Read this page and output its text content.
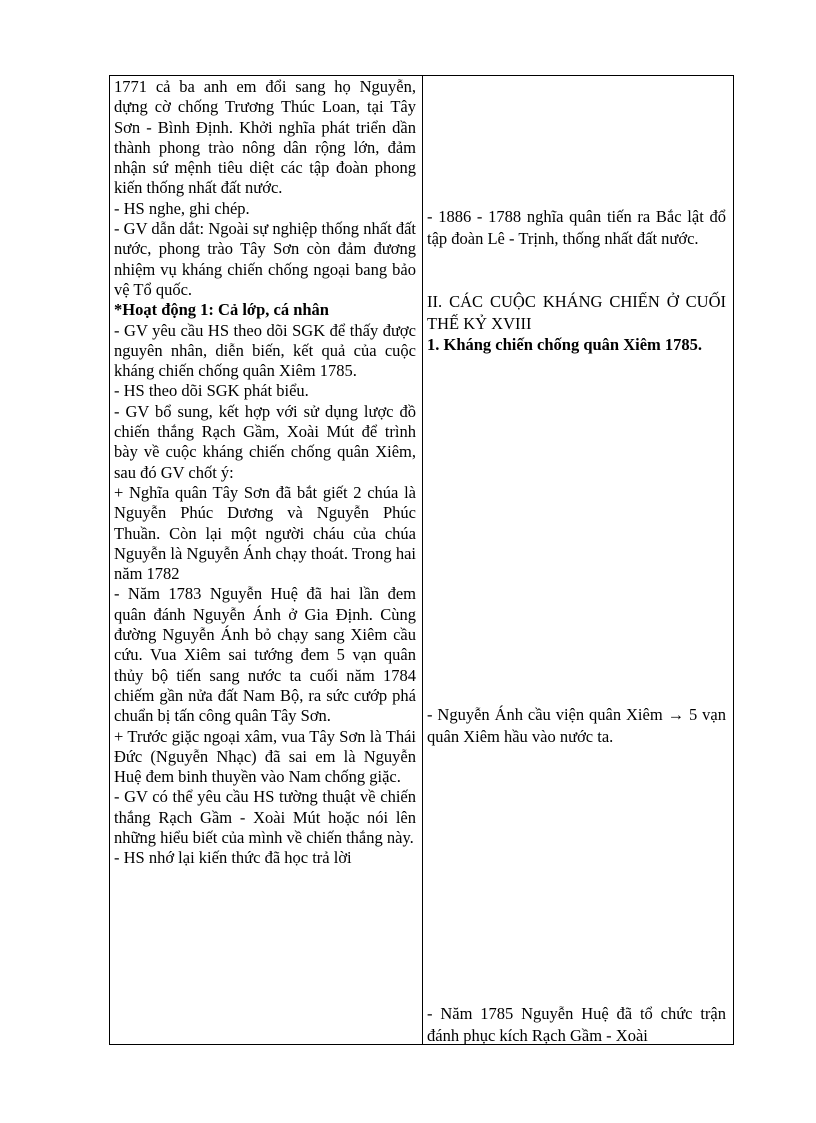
1771 cả ba anh em đổi sang họ Nguyễn, dựng cờ chống Trương Thúc Loan, tại Tây Sơn - Bình Định. Khởi nghĩa phát triển dần thành phong trào nông dân rộng lớn, đảm nhận sứ mệnh tiêu diệt các tập đoàn phong kiến thống nhất đất nước.

- HS nghe, ghi chép.

- GV dẫn dắt: Ngoài sự nghiệp thống nhất đất nước, phong trào Tây Sơn còn đảm đương nhiệm vụ kháng chiến chống ngoại bang bảo vệ Tổ quốc.

*Hoạt động 1: Cả lớp, cá nhân

- GV yêu cầu HS theo dõi SGK để thấy được nguyên nhân, diễn biến, kết quả của cuộc kháng chiến chống quân Xiêm 1785.

- HS theo dõi SGK phát biểu.

- GV bổ sung, kết hợp với sử dụng lược đồ chiến thắng Rạch Gầm, Xoài Mút để trình bày về cuộc kháng chiến chống quân Xiêm, sau đó GV chốt ý:

+ Nghĩa quân Tây Sơn đã bắt giết 2 chúa là Nguyễn Phúc Dương và Nguyễn Phúc Thuần. Còn lại một người cháu của chúa Nguyễn là Nguyễn Ánh chạy thoát. Trong hai năm 1782

- Năm 1783 Nguyễn Huệ đã hai lần đem quân đánh Nguyễn Ánh ở Gia Định. Cùng đường Nguyễn Ánh bỏ chạy sang Xiêm cầu cứu. Vua Xiêm sai tướng đem 5 vạn quân thủy bộ tiến sang nước ta cuối năm 1784 chiếm gần nửa đất Nam Bộ, ra sức cướp phá chuẩn bị tấn công quân Tây Sơn.

+ Trước giặc ngoại xâm, vua Tây Sơn là Thái Đức (Nguyễn Nhạc) đã sai em là Nguyễn Huệ đem binh thuyền vào Nam chống giặc.

- GV có thể yêu cầu HS tường thuật về chiến thắng Rạch Gầm - Xoài Mút hoặc nói lên những hiểu biết của mình về chiến thắng này.

- HS nhớ lại kiến thức đã học trả lời

- 1886 - 1788 nghĩa quân tiến ra Bắc lật đổ tập đoàn Lê - Trịnh, thống nhất đất nước.

II. CÁC CUỘC KHÁNG CHIẾN Ở CUỐI THẾ KỶ XVIII

1. Kháng chiến chống quân Xiêm 1785.

- Nguyễn Ánh cầu viện quân Xiêm → 5 vạn quân Xiêm hầu vào nước ta.

- Năm 1785 Nguyễn Huệ đã tổ chức trận đánh phục kích Rạch Gầm - Xoài
